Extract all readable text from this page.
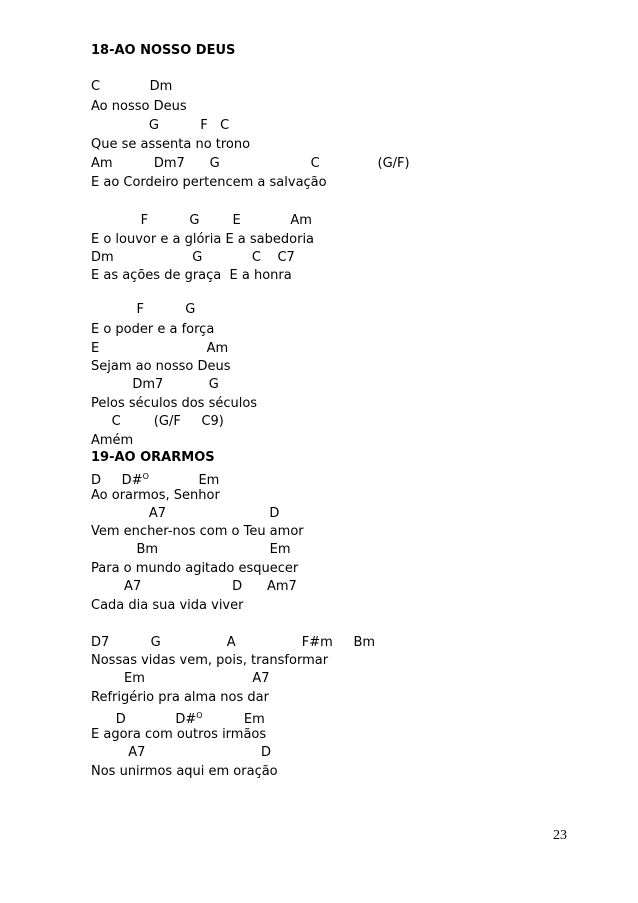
18-AO NOSSO DEUS
C            Dm
Ao nosso Deus
G          F   C
Que se assenta no trono
Am          Dm7      G                      C              (G/F)
E ao Cordeiro pertencem a salvação
F          G        E            Am
E o louvor e a glória E a sabedoria
Dm                   G            C    C7
E as ações de graça  E a honra
F          G
E o poder e a força
E                          Am
Sejam ao nosso Deus
Dm7           G
Pelos séculos dos séculos
C        (G/F     C9)
Amém
19-AO ORARMOS
D     D#$^O$            Em
Ao orarmos, Senhor
A7                         D
Vem encher-nos com o Teu amor
Bm                           Em
Para o mundo agitado esquecer
A7                      D      Am7
Cada dia sua vida viver
D7          G                A                F#m     Bm
Nossas vidas vem, pois, transformar
Em                          A7
Refrigério pra alma nos dar
D            D#$^O$          Em
E agora com outros irmãos
A7                            D
Nos unirmos aqui em oração
23
